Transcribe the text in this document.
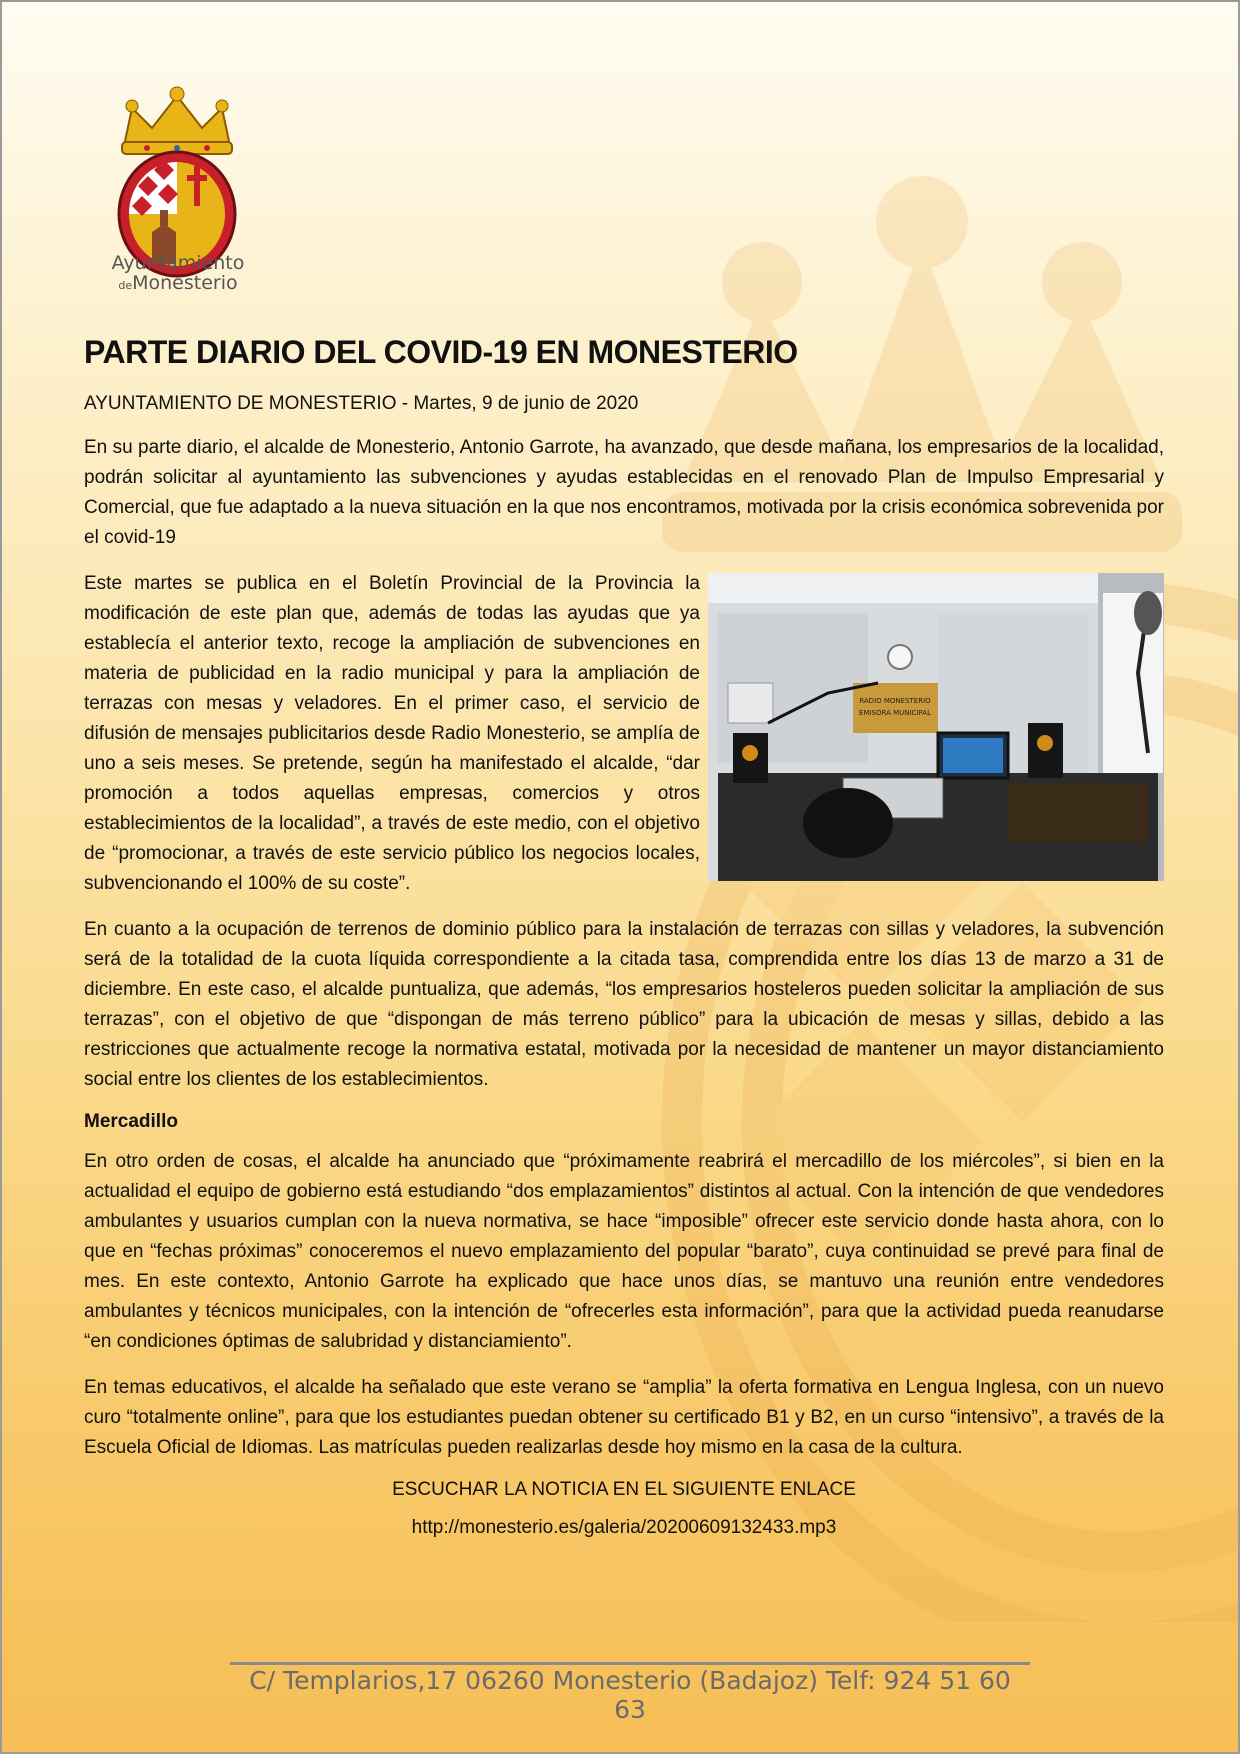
Ayuntamiento
deMonesterio
PARTE DIARIO DEL COVID-19 EN MONESTERIO
AYUNTAMIENTO DE MONESTERIO - Martes, 9 de junio de 2020

En su parte diario, el alcalde de Monesterio, Antonio Garrote, ha avanzado, que desde mañana, los empresarios de la localidad, podrán solicitar al ayuntamiento las subvenciones y ayudas establecidas en el renovado Plan de Impulso Empresarial y Comercial, que fue adaptado a la nueva situación en la que nos encontramos, motivada por la crisis económica sobrevenida por el covid-19

RADIO MONESTERIO
EMISORA MUNICIPAL

Este martes se publica en el Boletín Provincial de la Provincia la modificación de este plan que, además de todas las ayudas que ya establecía el anterior texto, recoge la ampliación de subvenciones en materia de publicidad en la radio municipal y para la ampliación de terrazas con mesas y veladores. En el primer caso, el servicio de difusión de mensajes publicitarios desde Radio Monesterio, se amplía de uno a seis meses. Se pretende, según ha manifestado el alcalde, “dar promoción a todos aquellas empresas, comercios y otros establecimientos de la localidad”, a través de este medio, con el objetivo de “promocionar, a través de este servicio público los negocios locales, subvencionando el 100% de su coste”.

En cuanto a la ocupación de terrenos de dominio público para la instalación de terrazas con sillas y veladores, la subvención será de la totalidad de la cuota líquida correspondiente a la citada tasa, comprendida entre los días 13 de marzo a 31 de diciembre. En este caso, el alcalde puntualiza, que además, “los empresarios hosteleros pueden solicitar la ampliación de sus terrazas”, con el objetivo de que “dispongan de más terreno público” para la ubicación de mesas y sillas, debido a las restricciones que actualmente recoge la normativa estatal, motivada por la necesidad de mantener un mayor distanciamiento social entre los clientes de los establecimientos.

Mercadillo

En otro orden de cosas, el alcalde ha anunciado que “próximamente reabrirá el mercadillo de los miércoles”, si bien en la actualidad el equipo de gobierno está estudiando “dos emplazamientos” distintos al actual. Con la intención de que vendedores ambulantes y usuarios cumplan con la nueva normativa, se hace “imposible” ofrecer este servicio donde hasta ahora, con lo que en “fechas próximas” conoceremos el nuevo emplazamiento del popular “barato”, cuya continuidad se prevé para final de mes. En este contexto, Antonio Garrote ha explicado que hace unos días, se mantuvo una reunión entre vendedores ambulantes y técnicos municipales, con la intención de “ofrecerles esta información”, para que la actividad pueda reanudarse “en condiciones óptimas de salubridad y distanciamiento”.

En temas educativos, el alcalde ha señalado que este verano se “amplia” la oferta formativa en Lengua Inglesa, con un nuevo curo “totalmente online”, para que los estudiantes puedan obtener su certificado B1 y B2, en un curso “intensivo”, a través de la Escuela Oficial de Idiomas. Las matrículas pueden realizarlas desde hoy mismo en la casa de la cultura.

ESCUCHAR LA NOTICIA EN EL SIGUIENTE ENLACE
http://monesterio.es/galeria/20200609132433.mp3
C/ Templarios,17 06260 Monesterio (Badajoz) Telf: 924 51 60 63
